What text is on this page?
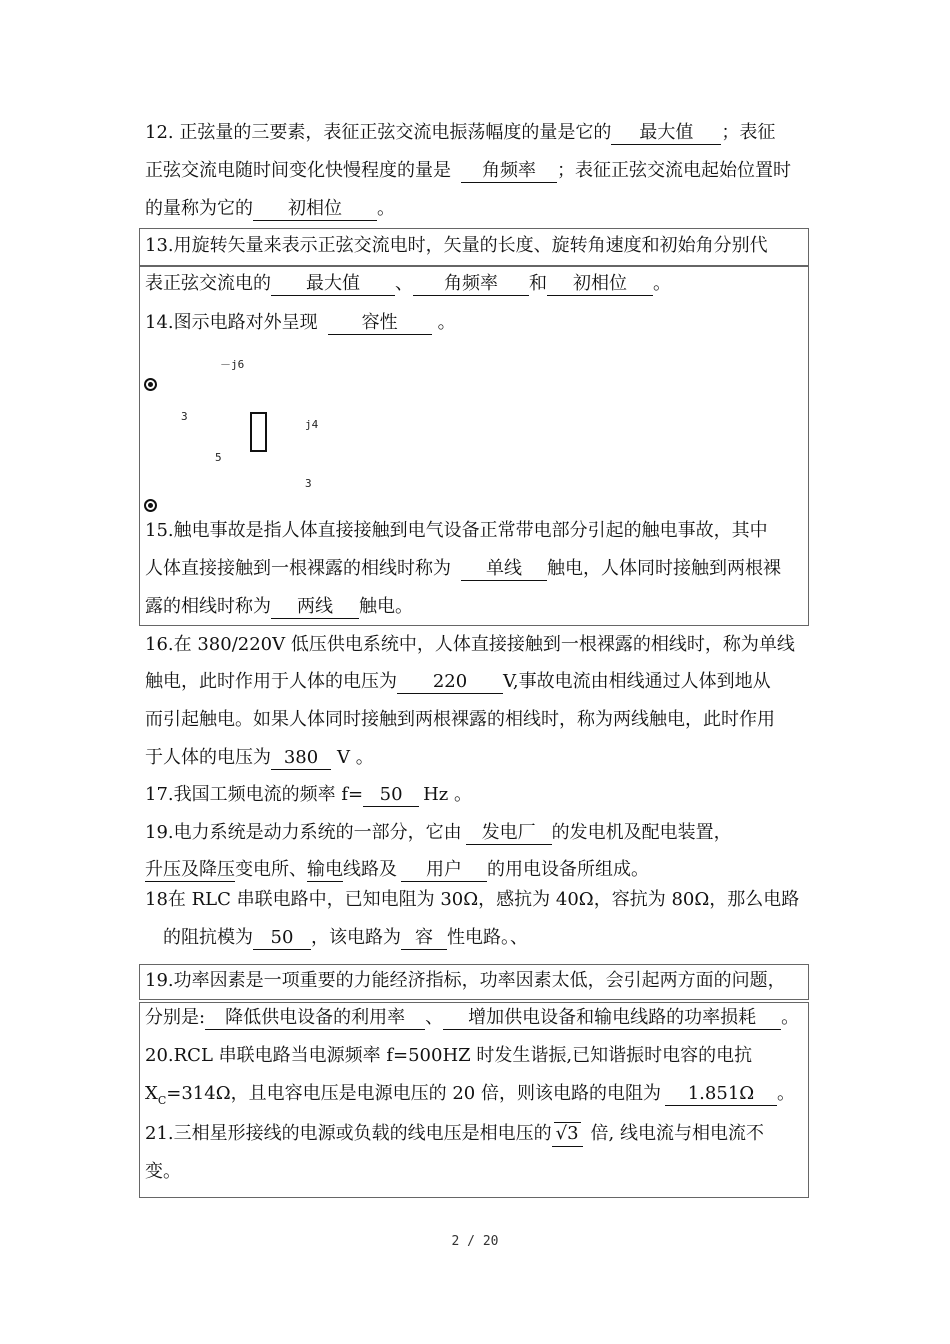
12. 正弦量的三要素，表征正弦交流电振荡幅度的量是它的 最大值 ；表征
正弦交流电随时间变化快慢程度的量是 角频率 ；表征正弦交流电起始位置时
的量称为它的 初相位 。
13.用旋转矢量来表示正弦交流电时，矢量的长度、旋转角速度和初始角分别代
表正弦交流电的 最大值 、 角频率 和 初相位 。
14.图示电路对外呈现 容性 。
－j6
3
j4
5
3
15.触电事故是指人体直接接触到电气设备正常带电部分引起的触电事故，其中
人体直接接触到一根裸露的相线时称为 单线 触电，人体同时接触到两根裸
露的相线时称为 两线 触电。
16.在 380/220V 低压供电系统中，人体直接接触到一根裸露的相线时，称为单线
触电，此时作用于人体的电压为 220 V,事故电流由相线通过人体到地从
而引起触电。如果人体同时接触到两根裸露的相线时，称为两线触电，此时作用
于人体的电压为 380 V 。
17.我国工频电流的频率 f= 50 Hz 。
19.电力系统是动力系统的一部分，它由 发电厂 的发电机及配电装置，
升压及降压变电所、输电线路及 用户 的用电设备所组成。
18在 RLC 串联电路中，已知电阻为 30Ω，感抗为 40Ω，容抗为 80Ω，那么电路
的阻抗模为 50 ，该电路为 容 性电路。、
19.功率因素是一项重要的力能经济指标，功率因素太低，会引起两方面的问题，
分别是: 降低供电设备的利用率 、 增加供电设备和输电线路的功率损耗 。
20.RCL 串联电路当电源频率 f=500HZ 时发生谐振,已知谐振时电容的电抗
$X_C=314\Omega$，且电容电压是电源电压的 20 倍，则该电路的电阻为 1.851Ω 。
21.三相星形接线的电源或负载的线电压是相电压的 √3 倍, 线电流与相电流不
变。
2 / 20
